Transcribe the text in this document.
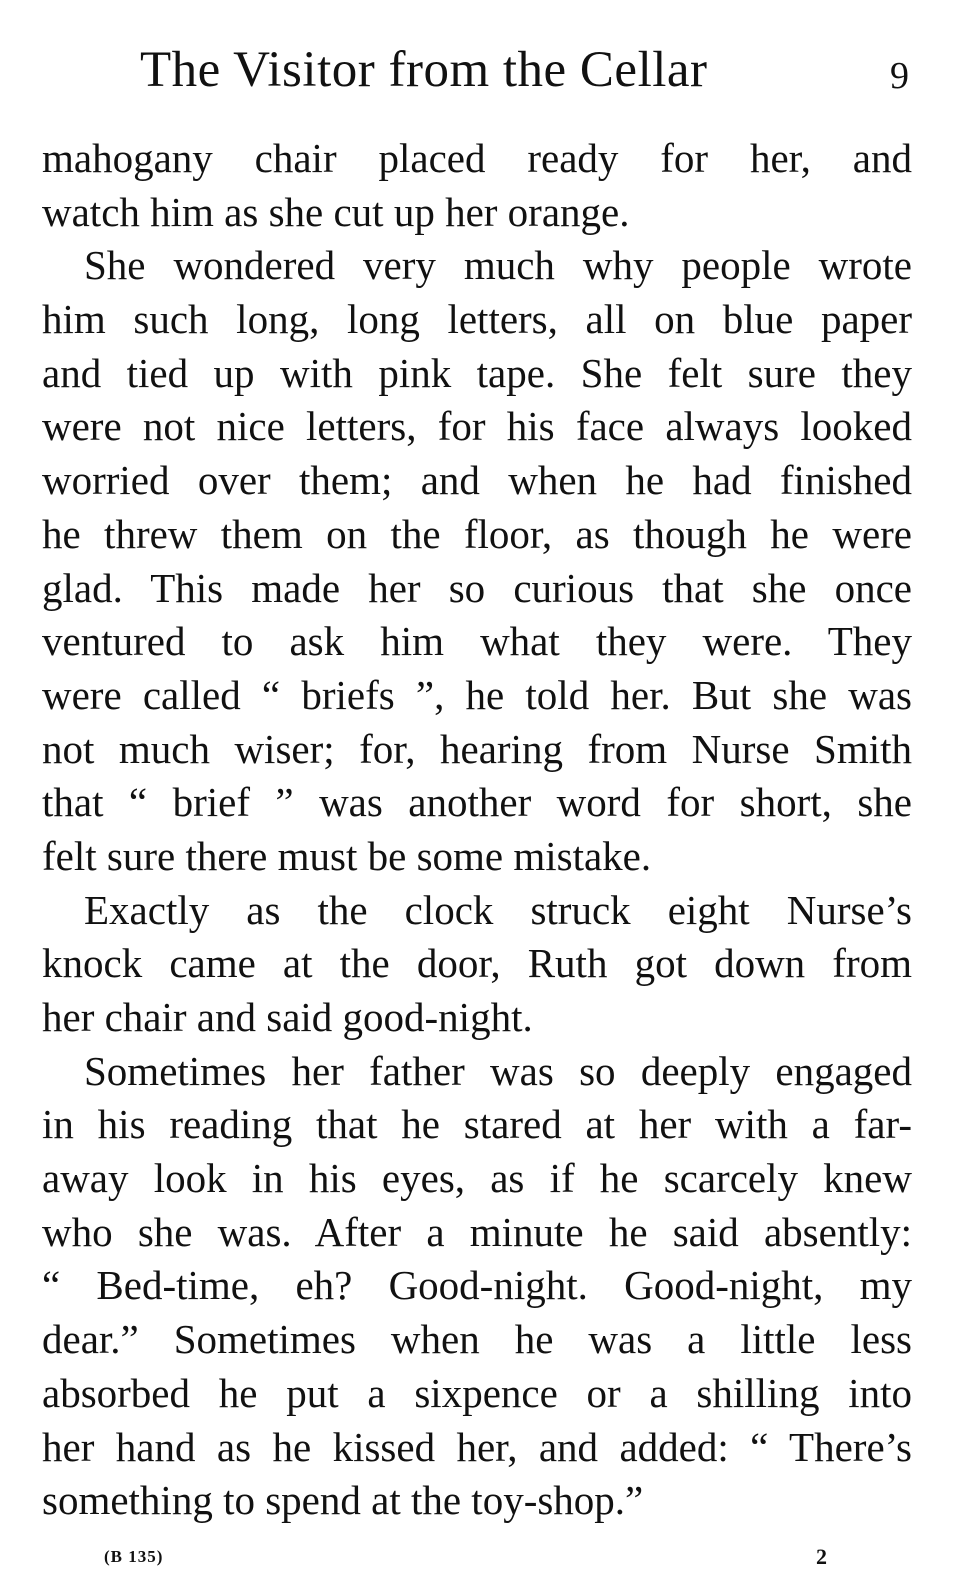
The Visitor from the Cellar	9
mahogany chair placed ready for her, and
watch him as she cut up her orange.
She wondered very much why people wrote
him such long, long letters, all on blue paper
and tied up with pink tape. She felt sure they
were not nice letters, for his face always looked
worried over them; and when he had finished
he threw them on the floor, as though he were
glad. This made her so curious that she once
ventured to ask him what they were. They
were called “ briefs ”, he told her. But she was
not much wiser; for, hearing from Nurse Smith
that “ brief ” was another word for short, she
felt sure there must be some mistake.
Exactly as the clock struck eight Nurse’s
knock came at the door, Ruth got down from
her chair and said good-night.
Sometimes her father was so deeply engaged
in his reading that he stared at her with a far-
away look in his eyes, as if he scarcely knew
who she was. After a minute he said absently:
“ Bed-time, eh? Good-night. Good-night, my
dear.” Sometimes when he was a little less
absorbed he put a sixpence or a shilling into
her hand as he kissed her, and added: “ There’s
something to spend at the toy-shop.”
(B 135)	2
